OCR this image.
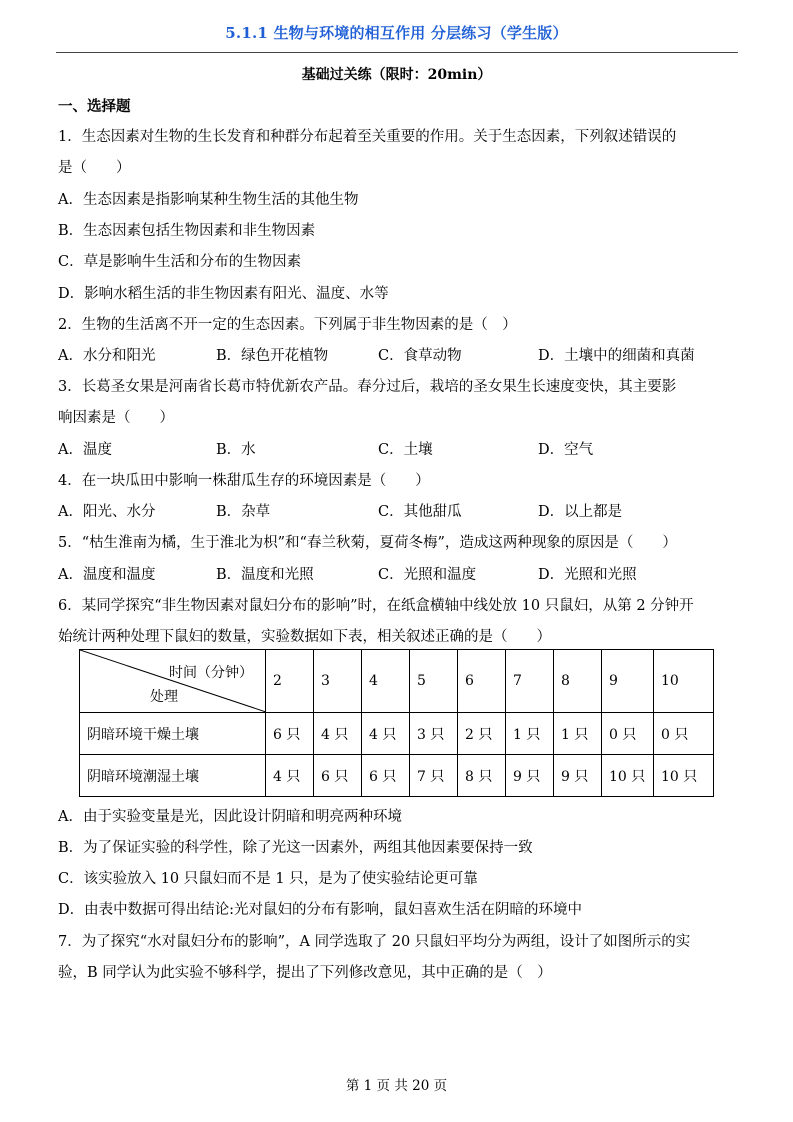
5.1.1 生物与环境的相互作用 分层练习（学生版）
基础过关练（限时：20min）
一、选择题
1．生态因素对生物的生长发育和种群分布起着至关重要的作用。关于生态因素，下列叙述错误的
是（　　）
A．生态因素是指影响某种生物生活的其他生物
B．生态因素包括生物因素和非生物因素
C．草是影响牛生活和分布的生物因素
D．影响水稻生活的非生物因素有阳光、温度、水等
2．生物的生活离不开一定的生态因素。下列属于非生物因素的是（　）
A．水分和阳光	B．绿色开花植物	C．食草动物	D．土壤中的细菌和真菌
3．长葛圣女果是河南省长葛市特优新农产品。春分过后，栽培的圣女果生长速度变快，其主要影
响因素是（　　）
A．温度	B．水	C．土壤	D．空气
4．在一块瓜田中影响一株甜瓜生存的环境因素是（　　）
A．阳光、水分	B．杂草	C．其他甜瓜	D．以上都是
5．“枯生淮南为橘，生于淮北为枳”和“春兰秋菊，夏荷冬梅”，造成这两种现象的原因是（　　）
A．温度和温度	B．温度和光照	C．光照和温度	D．光照和光照
6．某同学探究“非生物因素对鼠妇分布的影响”时，在纸盒横轴中线处放 10 只鼠妇，从第 2 分钟开
始统计两种处理下鼠妇的数量，实验数据如下表，相关叙述正确的是（　　）
时间（分钟）
处理	2	3	4	5	6	7	8	9	10
阴暗环境干燥土壤	6 只	4 只	4 只	3 只	2 只	1 只	1 只	0 只	0 只
阴暗环境潮湿土壤	4 只	6 只	6 只	7 只	8 只	9 只	9 只	10 只	10 只
A．由于实验变量是光，因此设计阴暗和明亮两种环境
B．为了保证实验的科学性，除了光这一因素外，两组其他因素要保持一致
C．该实验放入 10 只鼠妇而不是 1 只，是为了使实验结论更可靠
D．由表中数据可得出结论:光对鼠妇的分布有影响，鼠妇喜欢生活在阴暗的环境中
7．为了探究“水对鼠妇分布的影响”，A 同学选取了 20 只鼠妇平均分为两组，设计了如图所示的实
验，B 同学认为此实验不够科学，提出了下列修改意见，其中正确的是（　）
第 1 页 共 20 页
